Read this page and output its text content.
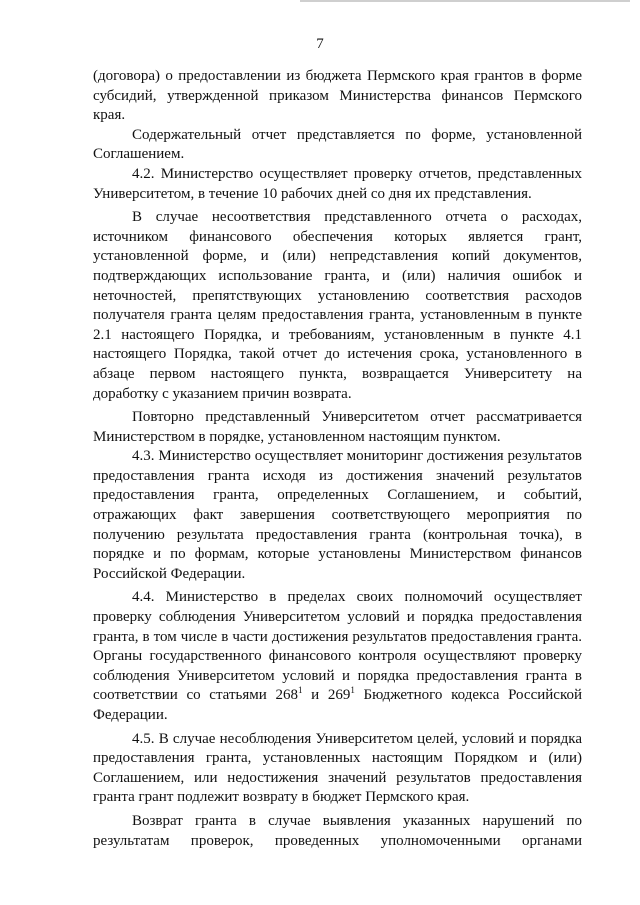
7

(договора) о предоставлении из бюджета Пермского края грантов в форме субсидий, утвержденной приказом Министерства финансов Пермского края.

Содержательный отчет представляется по форме, установленной Соглашением.

4.2. Министерство осуществляет проверку отчетов, представленных Университетом, в течение 10 рабочих дней со дня их представления.

В случае несоответствия представленного отчета о расходах, источником финансового обеспечения которых является грант, установленной форме, и (или) непредставления копий документов, подтверждающих использование гранта, и (или) наличия ошибок и неточностей, препятствующих установлению соответствия расходов получателя гранта целям предоставления гранта, установленным в пункте 2.1 настоящего Порядка, и требованиям, установленным в пункте 4.1 настоящего Порядка, такой отчет до истечения срока, установленного в абзаце первом настоящего пункта, возвращается Университету на доработку с указанием причин возврата.

Повторно представленный Университетом отчет рассматривается Министерством в порядке, установленном настоящим пунктом.

4.3. Министерство осуществляет мониторинг достижения результатов предоставления гранта исходя из достижения значений результатов предоставления гранта, определенных Соглашением, и событий, отражающих факт завершения соответствующего мероприятия по получению результата предоставления гранта (контрольная точка), в порядке и по формам, которые установлены Министерством финансов Российской Федерации.

4.4. Министерство в пределах своих полномочий осуществляет проверку соблюдения Университетом условий и порядка предоставления гранта, в том числе в части достижения результатов предоставления гранта. Органы государственного финансового контроля осуществляют проверку соблюдения Университетом условий и порядка предоставления гранта в соответствии со статьями $268^1$ и $269^1$ Бюджетного кодекса Российской Федерации.

4.5. В случае несоблюдения Университетом целей, условий и порядка предоставления гранта, установленных настоящим Порядком и (или) Соглашением, или недостижения значений результатов предоставления гранта грант подлежит возврату в бюджет Пермского края.

Возврат гранта в случае выявления указанных нарушений по результатам проверок, проведенных уполномоченными органами
